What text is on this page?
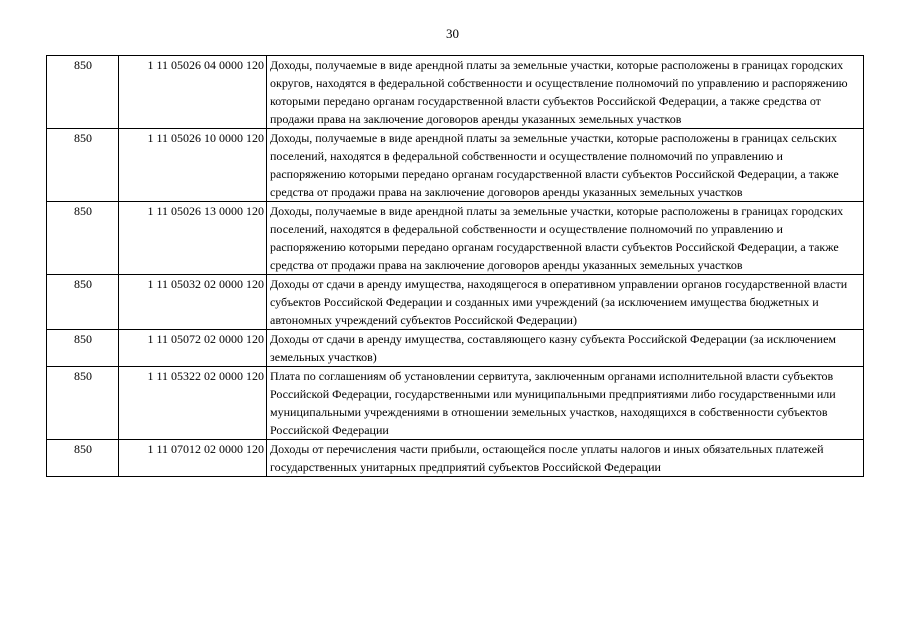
30
850	1 11 05026 04 0000 120	Доходы, получаемые в виде арендной платы за земельные участки, которые расположены в границах городских округов, находятся в федеральной собственности и осуществление полномочий по управлению и распоряжению которыми передано органам государственной власти субъектов Российской Федерации, а также средства от продажи права на заключение договоров аренды указанных земельных участков
850	1 11 05026 10 0000 120	Доходы, получаемые в виде арендной платы за земельные участки, которые расположены в границах сельских поселений, находятся в федеральной собственности и осуществление полномочий по управлению и распоряжению которыми передано органам государственной власти субъектов Российской Федерации, а также средства от продажи права на заключение договоров аренды указанных земельных участков
850	1 11 05026 13 0000 120	Доходы, получаемые в виде арендной платы за земельные участки, которые расположены в границах городских поселений, находятся в федеральной собственности и осуществление полномочий по управлению и распоряжению которыми передано органам государственной власти субъектов Российской Федерации, а также средства от продажи права на заключение договоров аренды указанных земельных участков
850	1 11 05032 02 0000 120	Доходы от сдачи в аренду имущества, находящегося в оперативном управлении органов государственной власти субъектов Российской Федерации и созданных ими учреждений (за исключением имущества бюджетных и автономных учреждений субъектов Российской Федерации)
850	1 11 05072 02 0000 120	Доходы от сдачи в аренду имущества, составляющего казну субъекта Российской Федерации (за исключением земельных участков)
850	1 11 05322 02 0000 120	Плата по соглашениям об установлении сервитута, заключенным органами исполнительной власти субъектов Российской Федерации, государственными или муниципальными предприятиями либо государственными или муниципальными учреждениями в отношении земельных участков, находящихся в собственности субъектов Российской Федерации
850	1 11 07012 02 0000 120	Доходы от перечисления части прибыли, остающейся после уплаты налогов и иных обязательных платежей государственных унитарных предприятий субъектов Российской Федерации
